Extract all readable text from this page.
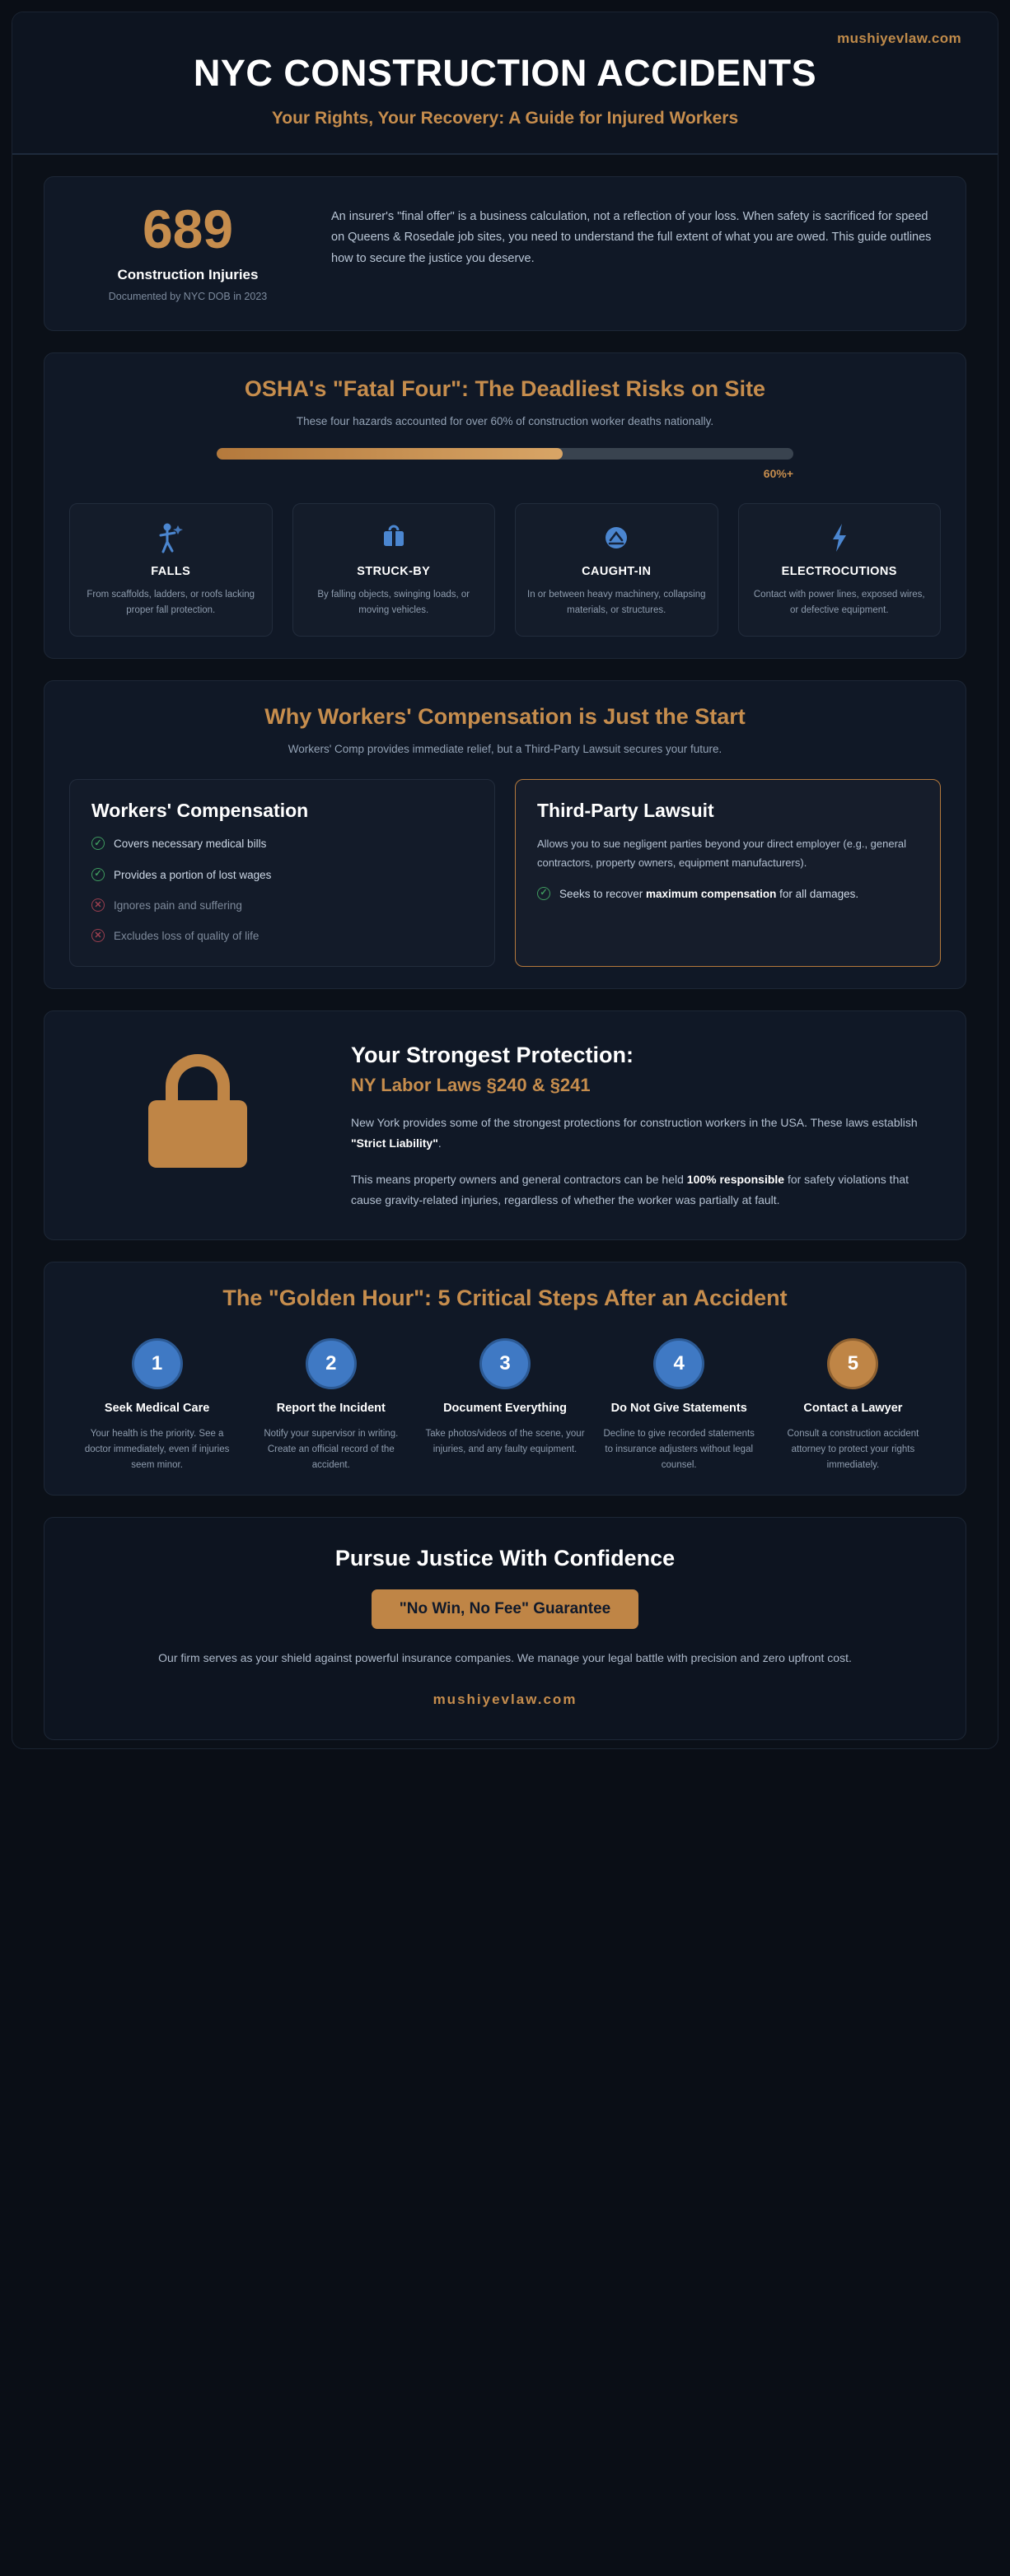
mushiyevlaw.com
NYC CONSTRUCTION ACCIDENTS
Your Rights, Your Recovery: A Guide for Injured Workers
689
Construction Injuries
Documented by NYC DOB in 2023
An insurer's "final offer" is a business calculation, not a reflection of your loss. When safety is sacrificed for speed on Queens & Rosedale job sites, you need to understand the full extent of what you are owed. This guide outlines how to secure the justice you deserve.
OSHA's "Fatal Four": The Deadliest Risks on Site
These four hazards accounted for over 60% of construction worker deaths nationally.
60%+
FALLS

From scaffolds, ladders, or roofs lacking proper fall protection.

STRUCK-BY

By falling objects, swinging loads, or moving vehicles.

CAUGHT-IN

In or between heavy machinery, collapsing materials, or structures.

ELECTROCUTIONS

Contact with power lines, exposed wires, or defective equipment.

Why Workers' Compensation is Just the Start
Workers' Comp provides immediate relief, but a Third-Party Lawsuit secures your future.
Workers' Compensation
✓ Covers necessary medical bills
✓ Provides a portion of lost wages
✕ Ignores pain and suffering
✕ Excludes loss of quality of life
Third-Party Lawsuit
Allows you to sue negligent parties beyond your direct employer (e.g., general contractors, property owners, equipment manufacturers).
✓ Seeks to recover maximum compensation for all damages.
Your Strongest Protection:
NY Labor Laws §240 & §241

New York provides some of the strongest protections for construction workers in the USA. These laws establish "Strict Liability".

This means property owners and general contractors can be held 100% responsible for safety violations that cause gravity-related injuries, regardless of whether the worker was partially at fault.

The "Golden Hour": 5 Critical Steps After an Accident
1
Seek Medical Care

Your health is the priority. See a doctor immediately, even if injuries seem minor.

2
Report the Incident

Notify your supervisor in writing. Create an official record of the accident.

3
Document Everything

Take photos/videos of the scene, your injuries, and any faulty equipment.

4
Do Not Give Statements

Decline to give recorded statements to insurance adjusters without legal counsel.

5
Contact a Lawyer

Consult a construction accident attorney to protect your rights immediately.

Pursue Justice With Confidence
"No Win, No Fee" Guarantee

Our firm serves as your shield against powerful insurance companies. We manage your legal battle with precision and zero upfront cost.

mushiyevlaw.com
